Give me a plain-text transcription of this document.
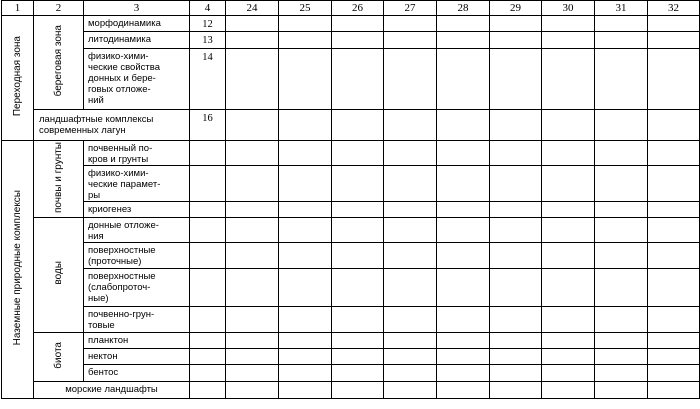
1	2	3	4	24	25	26	27	28	29	30	31	32
Переходная зона	береговая зона	морфодинамика	12									
		литодинамика	13									
		физико-хими-
ческие свойства
донных и бере-
говых отложе-
ний	14									
	ландшафтные комплексы
современных лагун		16									
Наземные природные комплексы	почвы и грунты	почвенный по-
кров и грунты										
		физико-хими-
ческие парамет-
ры										
		криогенез										
	воды	донные отложе-
ния										
		поверхностные
(проточные)										
		поверхностные
(слабопроточ-
ные)										
		почвенно-грун-
товые										
	биота	планктон										
		нектон										
		бентос										
	морские ландшафты											
